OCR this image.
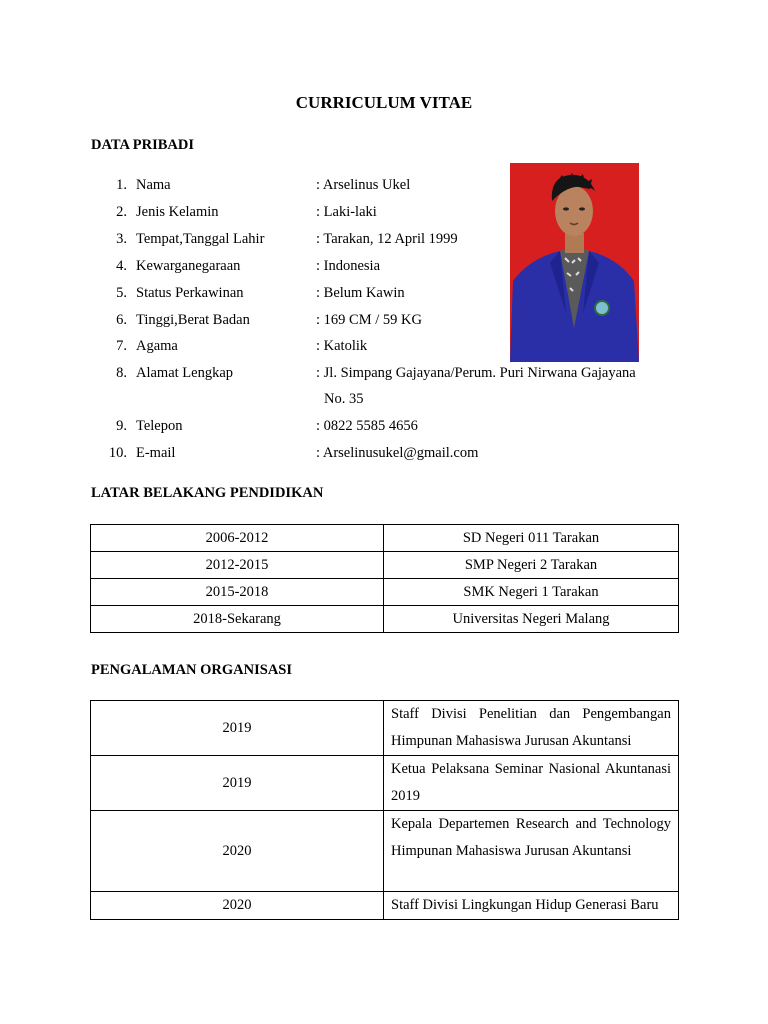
CURRICULUM VITAE
DATA PRIBADI
1. Nama	: Arselinus Ukel
2. Jenis Kelamin	: Laki-laki
3. Tempat,Tanggal Lahir	: Tarakan, 12 April 1999
4. Kewarganegaraan	: Indonesia
5. Status Perkawinan	: Belum Kawin
6. Tinggi,Berat Badan	: 169 CM / 59 KG
7. Agama	: Katolik
8. Alamat Lengkap	: Jl. Simpang Gajayana/Perum. Puri Nirwana Gajayana
No. 35
9. Telepon	: 0822 5585 4656
10. E-mail	: Arselinusukel@gmail.com
LATAR BELAKANG PENDIDIKAN
2006-2012	SD Negeri 011 Tarakan
2012-2015	SMP Negeri 2 Tarakan
2015-2018	SMK Negeri 1 Tarakan
2018-Sekarang	Universitas Negeri Malang
PENGALAMAN ORGANISASI
2019	Staff Divisi Penelitian dan Pengembangan Himpunan Mahasiswa Jurusan Akuntansi
2019	Ketua Pelaksana Seminar Nasional Akuntanasi 2019
2020	Kepala Departemen Research and Technology Himpunan Mahasiswa Jurusan Akuntansi
2020	Staff Divisi Lingkungan Hidup Generasi Baru
